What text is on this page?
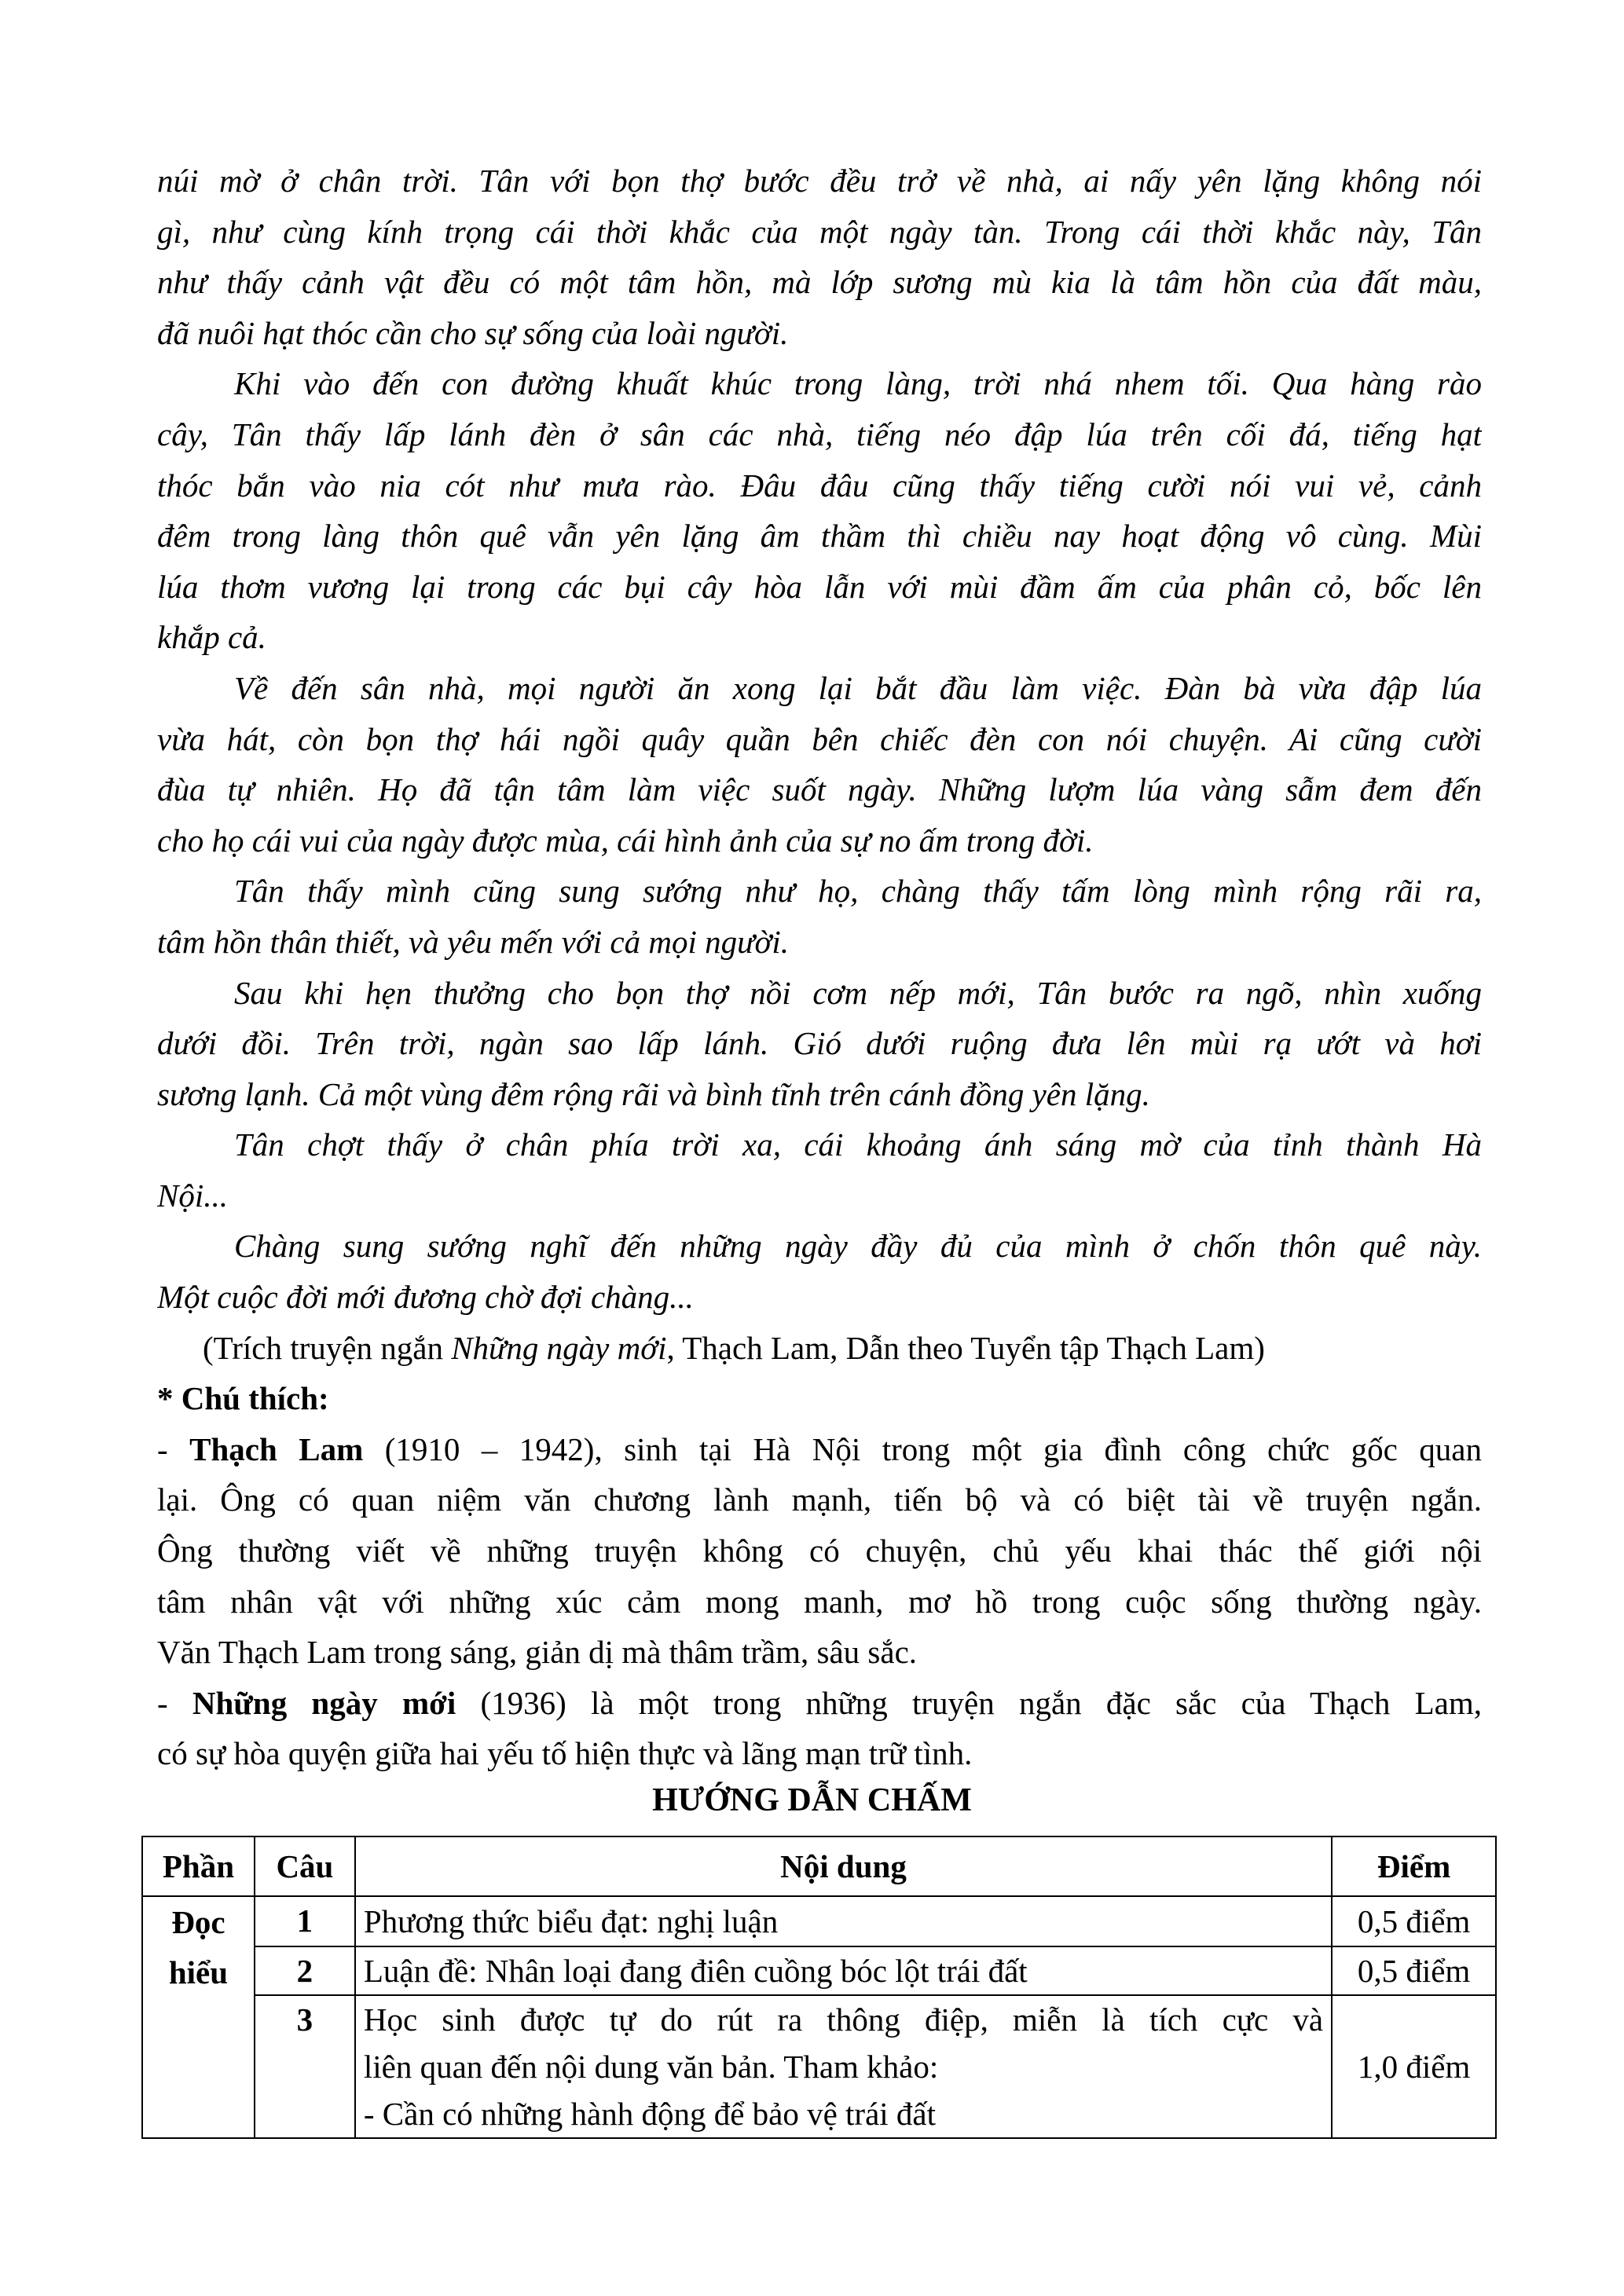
núi mờ ở chân trời. Tân với bọn thợ bước đều trở về nhà, ai nấy yên lặng không nói
gì, như cùng kính trọng cái thời khắc của một ngày tàn. Trong cái thời khắc này, Tân
như thấy cảnh vật đều có một tâm hồn, mà lớp sương mù kia là tâm hồn của đất màu,
đã nuôi hạt thóc cần cho sự sống của loài người.
Khi vào đến con đường khuất khúc trong làng, trời nhá nhem tối. Qua hàng rào
cây, Tân thấy lấp lánh đèn ở sân các nhà, tiếng néo đập lúa trên cối đá, tiếng hạt
thóc bắn vào nia cót như mưa rào. Đâu đâu cũng thấy tiếng cười nói vui vẻ, cảnh
đêm trong làng thôn quê vẫn yên lặng âm thầm thì chiều nay hoạt động vô cùng. Mùi
lúa thơm vương lại trong các bụi cây hòa lẫn với mùi đầm ấm của phân cỏ, bốc lên
khắp cả.
Về đến sân nhà, mọi người ăn xong lại bắt đầu làm việc. Đàn bà vừa đập lúa
vừa hát, còn bọn thợ hái ngồi quây quần bên chiếc đèn con nói chuyện. Ai cũng cười
đùa tự nhiên. Họ đã tận tâm làm việc suốt ngày. Những lượm lúa vàng sẫm đem đến
cho họ cái vui của ngày được mùa, cái hình ảnh của sự no ấm trong đời.
Tân thấy mình cũng sung sướng như họ, chàng thấy tấm lòng mình rộng rãi ra,
tâm hồn thân thiết, và yêu mến với cả mọi người.
Sau khi hẹn thưởng cho bọn thợ nồi cơm nếp mới, Tân bước ra ngõ, nhìn xuống
dưới đồi. Trên trời, ngàn sao lấp lánh. Gió dưới ruộng đưa lên mùi rạ ướt và hơi
sương lạnh. Cả một vùng đêm rộng rãi và bình tĩnh trên cánh đồng yên lặng.
Tân chợt thấy ở chân phía trời xa, cái khoảng ánh sáng mờ của tỉnh thành Hà
Nội...
Chàng sung sướng nghĩ đến những ngày đầy đủ của mình ở chốn thôn quê này.
Một cuộc đời mới đương chờ đợi chàng...
(Trích truyện ngắn Những ngày mới, Thạch Lam, Dẫn theo Tuyển tập Thạch Lam)
* Chú thích:
- Thạch Lam (1910 – 1942), sinh tại Hà Nội trong một gia đình công chức gốc quan
lại. Ông có quan niệm văn chương lành mạnh, tiến bộ và có biệt tài về truyện ngắn.
Ông thường viết về những truyện không có chuyện, chủ yếu khai thác thế giới nội
tâm nhân vật với những xúc cảm mong manh, mơ hồ trong cuộc sống thường ngày.
Văn Thạch Lam trong sáng, giản dị mà thâm trầm, sâu sắc.
- Những ngày mới (1936) là một trong những truyện ngắn đặc sắc của Thạch Lam,
có sự hòa quyện giữa hai yếu tố hiện thực và lãng mạn trữ tình.
HƯỚNG DẪN CHẤM
Phần	Câu	Nội dung	Điểm
Đọc hiểu	1	Phương thức biểu đạt: nghị luận	0,5 điểm
	2	Luận đề: Nhân loại đang điên cuồng bóc lột trái đất	0,5 điểm
	3	Học sinh được tự do rút ra thông điệp, miễn là tích cực và
liên quan đến nội dung văn bản. Tham khảo:
- Cần có những hành động để bảo vệ trái đất	1,0 điểm
